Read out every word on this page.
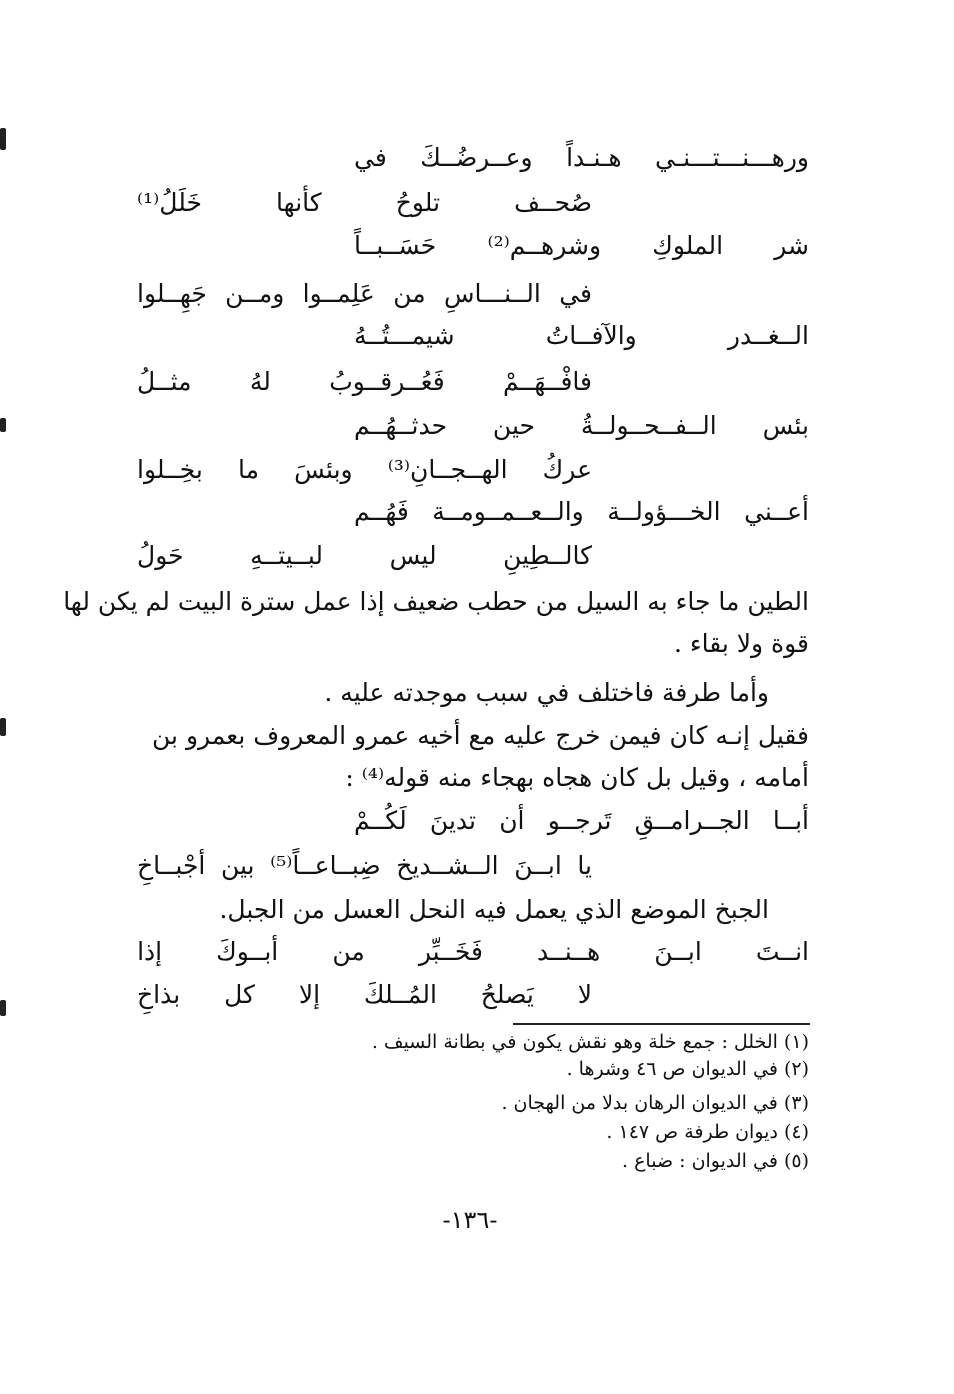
ورهـــنـــتـــنـي
هـنـداً
وعــرضُــكَ
في
صُحــف
تلوحُ
كأنها
خَلَلُ⁽¹⁾
شر
الملوكِ
وشرهــم⁽²⁾
حَسَــبــاً
في
الــنـــاسِ
من
عَلِمــوا
ومــن
جَهِــلوا
الــغــدر
والآفــاتُ
شيمـــتُــهُ
فافْــهَــمْ
فَعُــرقــوبُ
لهُ
مثــلُ
بئس
الــفــحــولــةُ
حين
حدثــهُــم
عركُ
الهــجــانِ⁽³⁾
وبئسَ
ما
بخِــلوا
أعــني
الخـــؤولــة
والــعــمــومــة
فَهُــم
كالــطِينِ
ليس
لبــيتــهِ
حَولُ
الطين ما جاء به السيل من حطب ضعيف إذا عمل سترة البيت لم يكن لها
قوة ولا بقاء .
وأما طرفة فاختلف في سبب موجدته عليه .
فقيل إنـه كان فيمن خرج عليه مع أخيه عمرو المعروف بعمرو بن
أمامه ، وقيل بل كان هجاه بهجاء منه قوله⁽⁴⁾ :
أبــا
الجــرامــقِ
تَرجــو
أن
تدينَ
لَكُــمْ
يا
ابــنَ
الــشــديخ
ضِبــاعــاً⁽⁵⁾
بين
أجْبــاخِ
الجبخ الموضع الذي يعمل فيه النحل العسل من الجبل.
انــتَ
ابــنَ
هــنــد
فَخَــبِّر
من
أبــوكَ
إذا
لا
يَصلحُ
المُــلكَ
إلا
كل
بذاخِ
(١) الخلل : جمع خلة وهو نقش يكون في بطانة السيف .
(٢) في الديوان ص ٤٦ وشرها .
(٣) في الديوان الرهان بدلا من الهجان .
(٤) ديوان طرفة ص ١٤٧ .
(٥) في الديوان : ضباع .
-١٣٦-
